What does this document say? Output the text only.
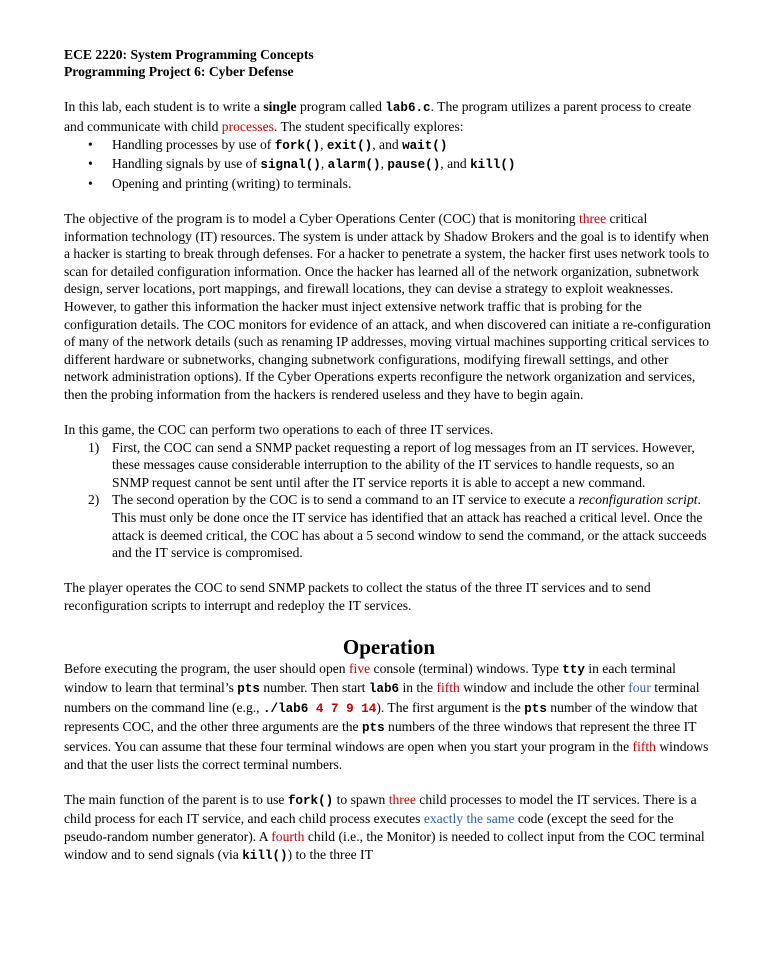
ECE 2220: System Programming Concepts
Programming Project 6: Cyber Defense
In this lab, each student is to write a single program called lab6.c. The program utilizes a parent process to create and communicate with child processes. The student specifically explores:
• Handling processes by use of fork(), exit(), and wait()
• Handling signals by use of signal(), alarm(), pause(), and kill()
• Opening and printing (writing) to terminals.
The objective of the program is to model a Cyber Operations Center (COC) that is monitoring three critical information technology (IT) resources. The system is under attack by Shadow Brokers and the goal is to identify when a hacker is starting to break through defenses. For a hacker to penetrate a system, the hacker first uses network tools to scan for detailed configuration information. Once the hacker has learned all of the network organization, subnetwork design, server locations, port mappings, and firewall locations, they can devise a strategy to exploit weaknesses. However, to gather this information the hacker must inject extensive network traffic that is probing for the configuration details. The COC monitors for evidence of an attack, and when discovered can initiate a re-configuration of many of the network details (such as renaming IP addresses, moving virtual machines supporting critical services to different hardware or subnetworks, changing subnetwork configurations, modifying firewall settings, and other network administration options). If the Cyber Operations experts reconfigure the network organization and services, then the probing information from the hackers is rendered useless and they have to begin again.
In this game, the COC can perform two operations to each of three IT services.
1) First, the COC can send a SNMP packet requesting a report of log messages from an IT services. However, these messages cause considerable interruption to the ability of the IT services to handle requests, so an SNMP request cannot be sent until after the IT service reports it is able to accept a new command.
2) The second operation by the COC is to send a command to an IT service to execute a reconfiguration script. This must only be done once the IT service has identified that an attack has reached a critical level. Once the attack is deemed critical, the COC has about a 5 second window to send the command, or the attack succeeds and the IT service is compromised.
The player operates the COC to send SNMP packets to collect the status of the three IT services and to send reconfiguration scripts to interrupt and redeploy the IT services.
Operation
Before executing the program, the user should open five console (terminal) windows. Type tty in each terminal window to learn that terminal’s pts number. Then start lab6 in the fifth window and include the other four terminal numbers on the command line (e.g., ./lab6 4 7 9 14). The first argument is the pts number of the window that represents COC, and the other three arguments are the pts numbers of the three windows that represent the three IT services. You can assume that these four terminal windows are open when you start your program in the fifth windows and that the user lists the correct terminal numbers.
The main function of the parent is to use fork() to spawn three child processes to model the IT services. There is a child process for each IT service, and each child process executes exactly the same code (except the seed for the pseudo-random number generator). A fourth child (i.e., the Monitor) is needed to collect input from the COC terminal window and to send signals (via kill()) to the three IT
